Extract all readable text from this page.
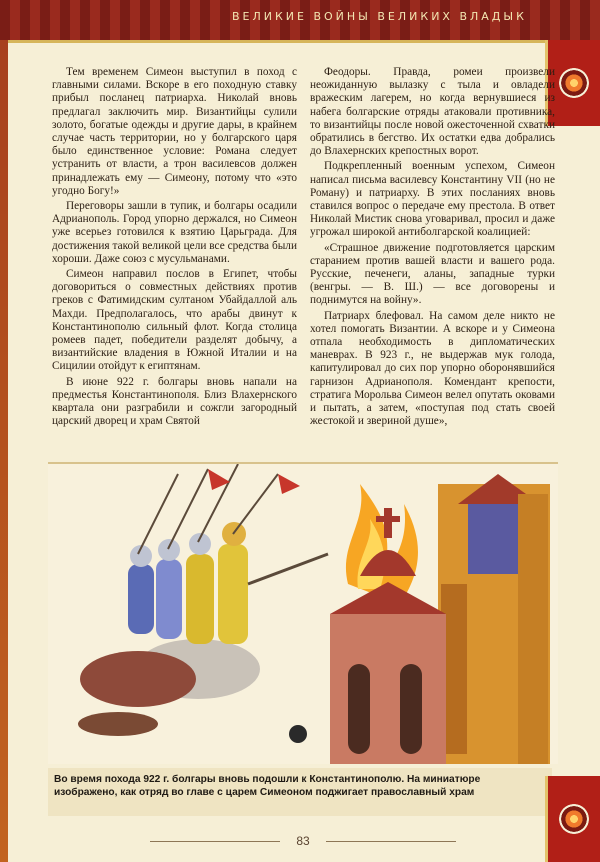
ВЕЛИКИЕ ВОЙНЫ ВЕЛИКИХ ВЛАДЫК

Тем временем Симеон выступил в поход с главными силами. Вскоре в его походную ставку прибыл посланец патриарха. Николай вновь предлагал заключить мир. Византийцы сулили золото, богатые одежды и другие дары, в крайнем случае часть территории, но у болгарского царя было единственное условие: Романа следует устранить от власти, а трон василевсов должен принадлежать ему — Симеону, потому что «это угодно Богу!»

Переговоры зашли в тупик, и болгары осадили Адрианополь. Город упорно держался, но Симеон уже всерьез готовился к взятию Царьграда. Для достижения такой великой цели все средства были хороши. Даже союз с мусульманами.

Симеон направил послов в Египет, чтобы договориться о совместных действиях против греков с Фатимидским султаном Убайдаллой аль Махди. Предполагалось, что арабы двинут к Константинополю сильный флот. Когда столица ромеев падет, победители разделят добычу, а византийские владения в Южной Италии и на Сицилии отойдут к египтянам.

В июне 922 г. болгары вновь напали на предместья Константинополя. Близ Влахернского квартала они разграбили и сожгли загородный царский дворец и храм Святой

Феодоры. Правда, ромеи произвели неожиданную вылазку с тыла и овладели вражеским лагерем, но когда вернувшиеся из набега болгарские отряды атаковали противника, то византийцы после новой ожесточенной схватки обратились в бегство. Их остатки едва добрались до Влахернских крепостных ворот.

Подкрепленный военным успехом, Симеон написал письма василевсу Константину VII (но не Роману) и патриарху. В этих посланиях вновь ставился вопрос о передаче ему престола. В ответ Николай Мистик снова уговаривал, просил и даже угрожал широкой антиболгарской коалицией:

«Страшное движение подготовляется царским старанием против вашей власти и вашего рода. Русские, печенеги, аланы, западные турки (венгры. — В. Ш.) — все договорены и поднимутся на войну».

Патриарх блефовал. На самом деле никто не хотел помогать Византии. А вскоре и у Симеона отпала необходимость в дипломатических маневрах. В 923 г., не выдержав мук голода, капитулировал до сих пор упорно оборонявшийся гарнизон Адрианополя. Комендант крепости, стратига Морольва Симеон велел опутать оковами и пытать, а затем, «поступая под стать своей жестокой и звериной душе»,

Во время похода 922 г. болгары вновь подошли к Константинополю. На миниатюре изображено, как отряд во главе с царем Симеоном поджигает православный храм
83
